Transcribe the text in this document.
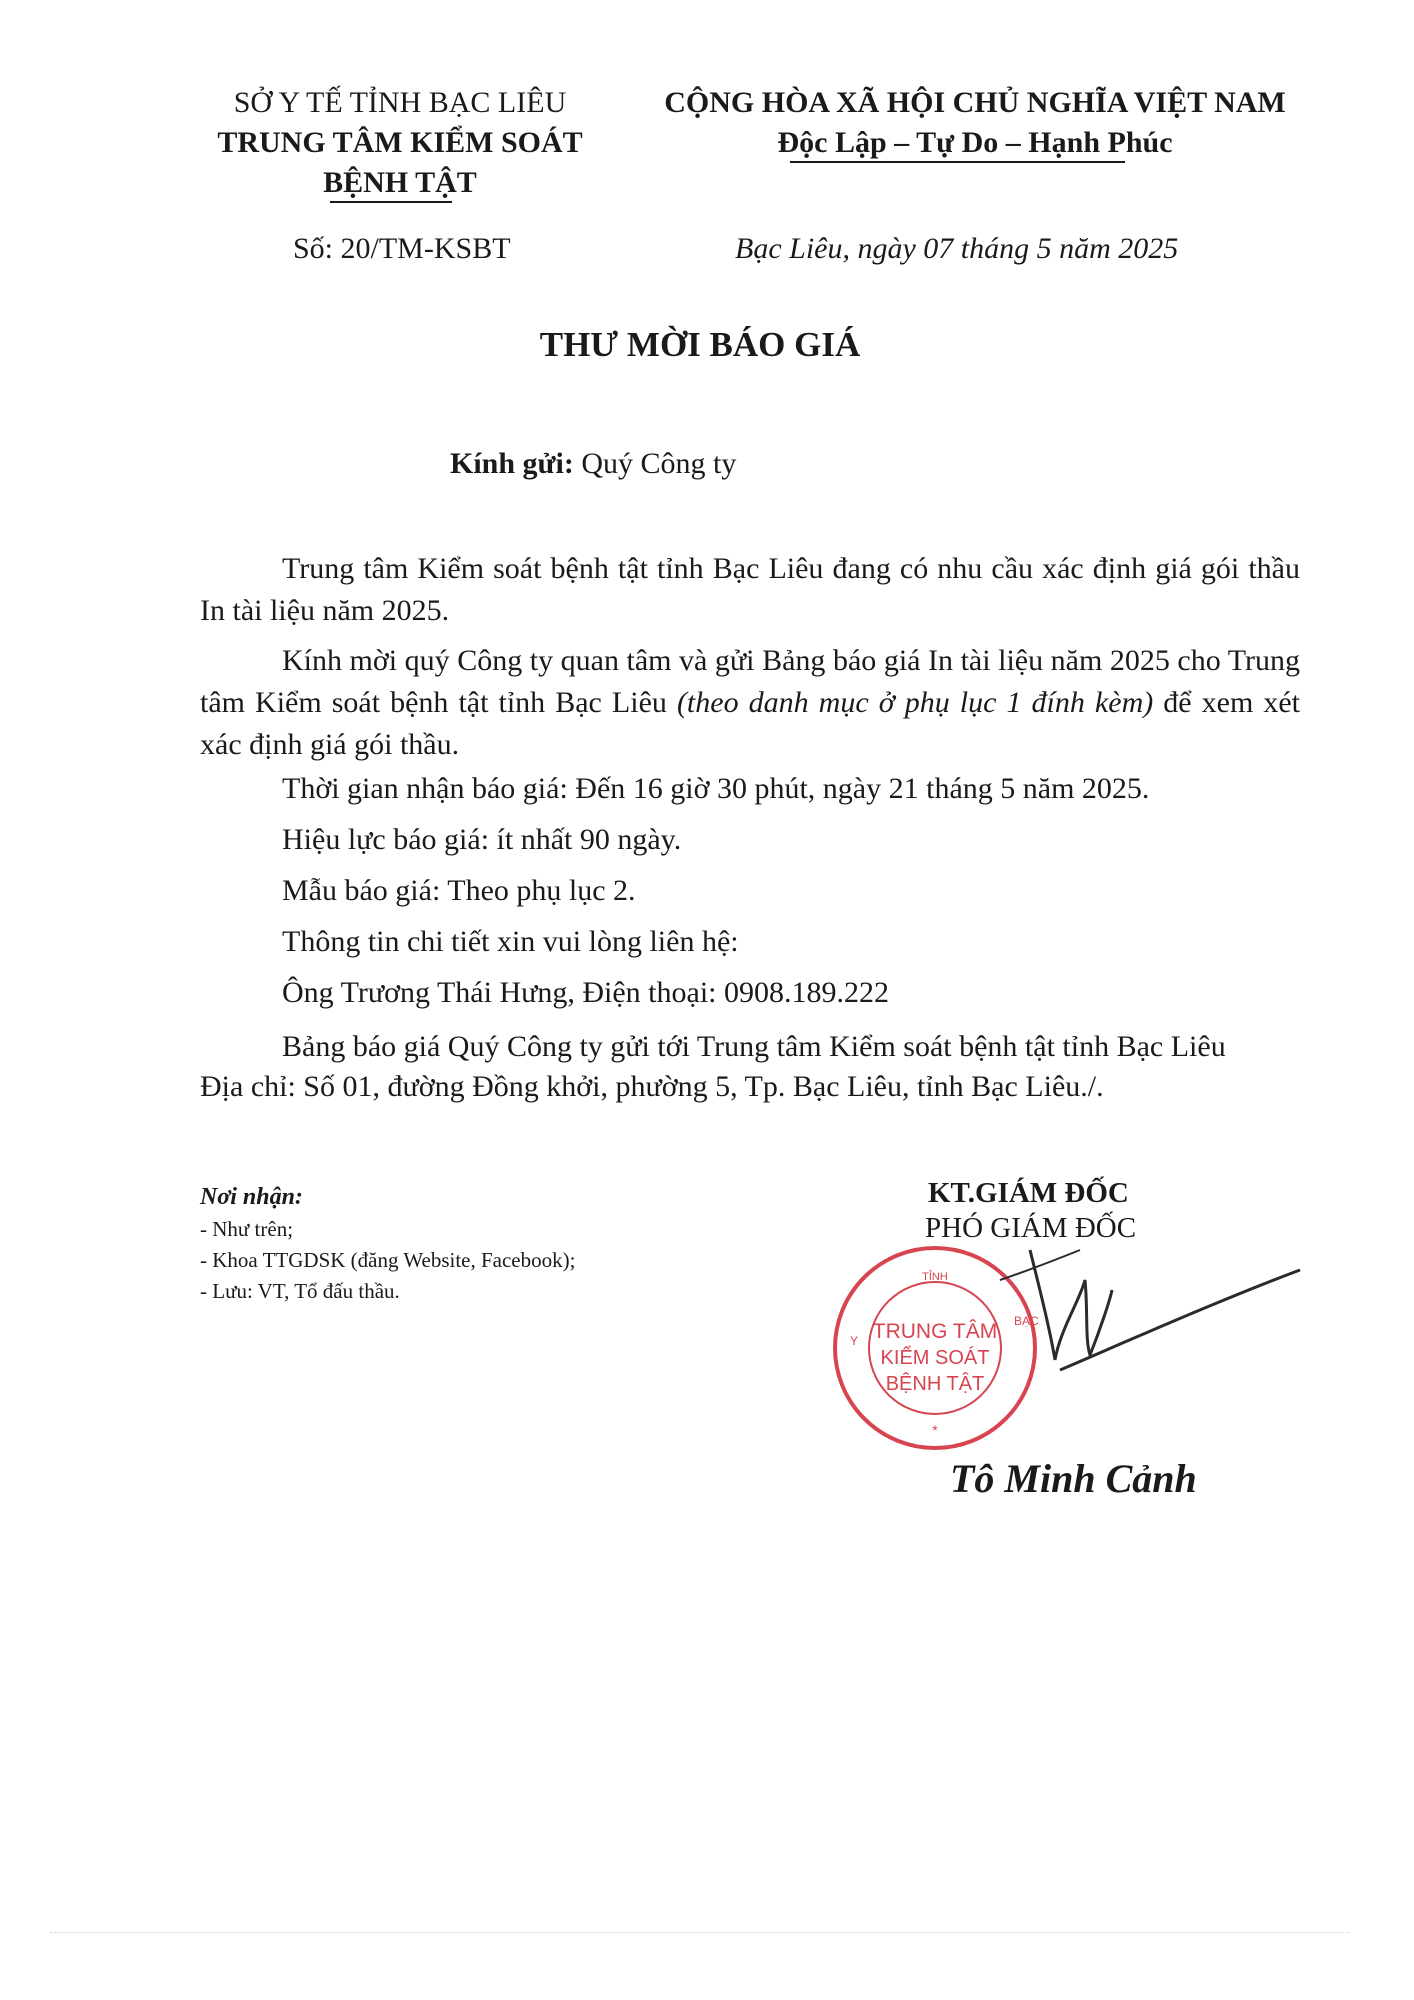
SỞ Y TẾ TỈNH BẠC LIÊU
TRUNG TÂM KIỂM SOÁT
BỆNH TẬT
CỘNG HÒA XÃ HỘI CHỦ NGHĨA VIỆT NAM
Độc Lập – Tự Do – Hạnh Phúc
Số: 20/TM-KSBT	Bạc Liêu, ngày 07 tháng 5 năm 2025
THƯ MỜI BÁO GIÁ
Kính gửi: Quý Công ty
Trung tâm Kiểm soát bệnh tật tỉnh Bạc Liêu đang có nhu cầu xác định giá gói thầu In tài liệu năm 2025.
Kính mời quý Công ty quan tâm và gửi Bảng báo giá In tài liệu năm 2025 cho Trung tâm Kiểm soát bệnh tật tỉnh Bạc Liêu (theo danh mục ở phụ lục 1 đính kèm) để xem xét xác định giá gói thầu.
Thời gian nhận báo giá: Đến 16 giờ 30 phút, ngày 21 tháng 5 năm 2025.
Hiệu lực báo giá: ít nhất 90 ngày.
Mẫu báo giá: Theo phụ lục 2.
Thông tin chi tiết xin vui lòng liên hệ:
Ông Trương Thái Hưng, Điện thoại: 0908.189.222
Bảng báo giá Quý Công ty gửi tới Trung tâm Kiểm soát bệnh tật tỉnh Bạc Liêu
Địa chỉ: Số 01, đường Đồng khởi, phường 5, Tp. Bạc Liêu, tỉnh Bạc Liêu./.
Nơi nhận:
- Như trên;
- Khoa TTGDSK (đăng Website, Facebook);
- Lưu: VT, Tổ đấu thầu.
KT.GIÁM ĐỐC
PHÓ GIÁM ĐỐC
TỈNH
Y
BẠC
*
TRUNG TÂM
KIỂM SOÁT
BỆNH TẬT
Tô Minh Cảnh
